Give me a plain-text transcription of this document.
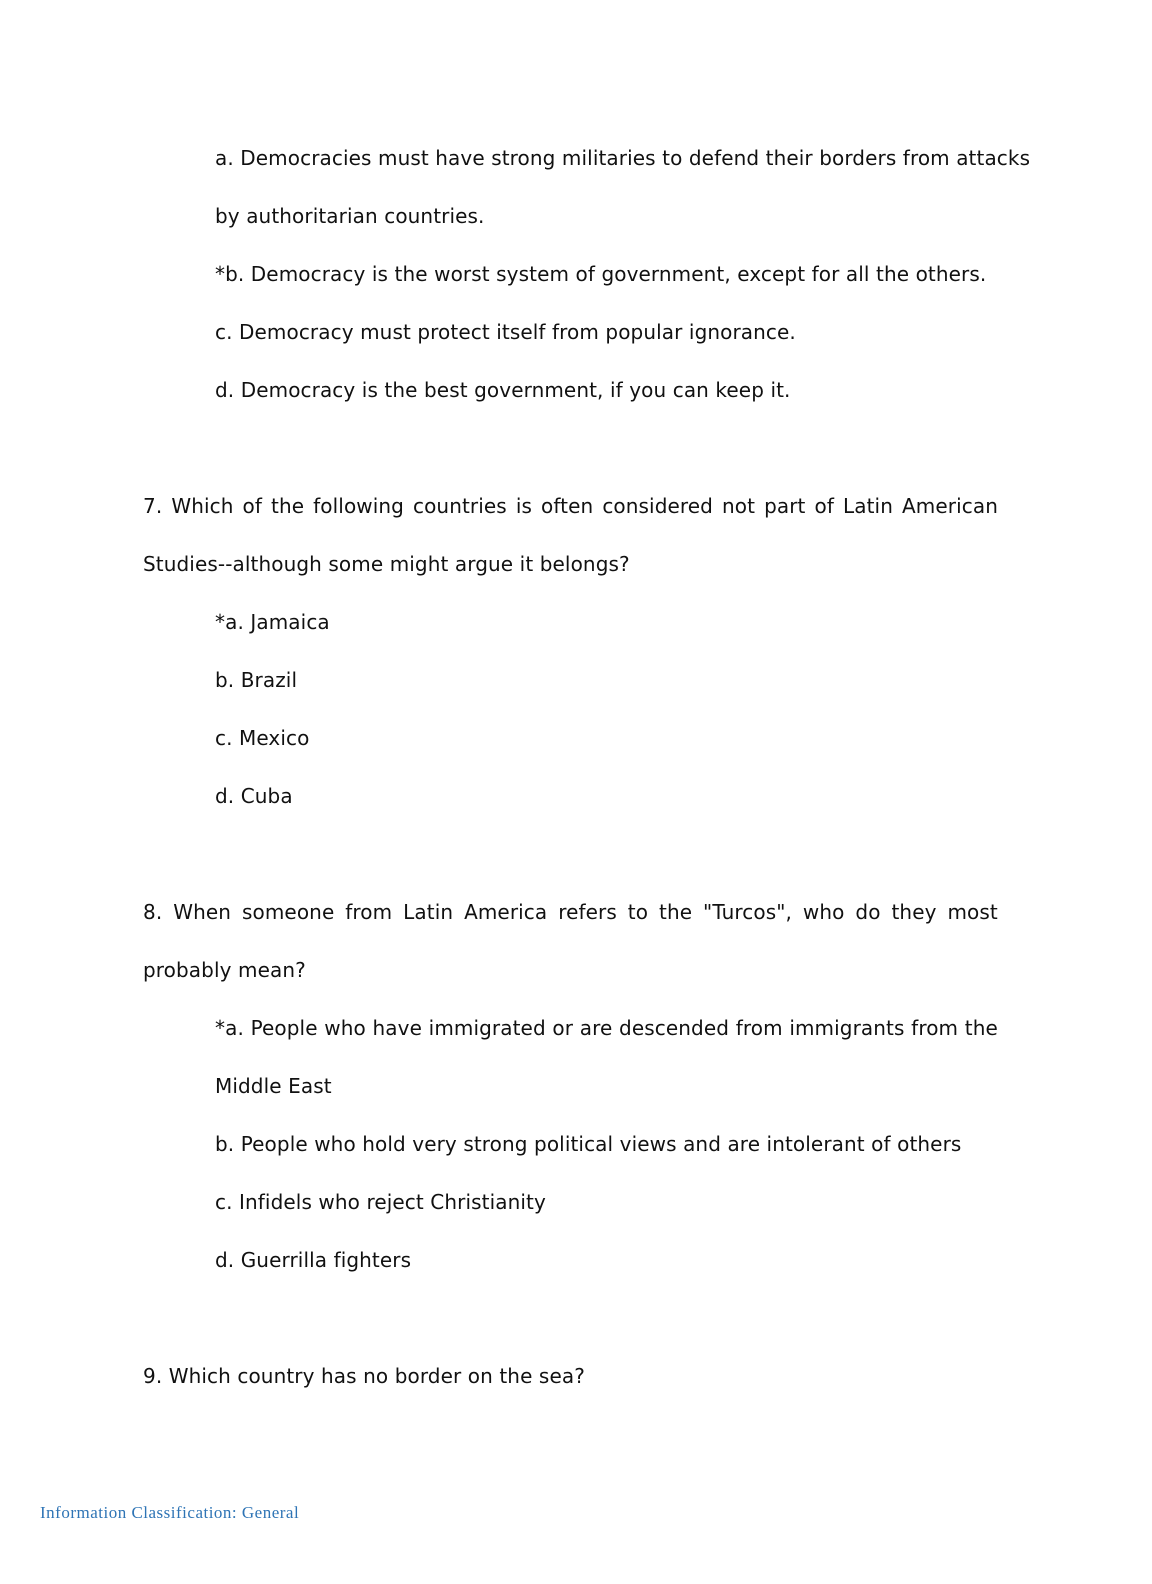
a. Democracies must have strong militaries to defend their borders from attacks
by authoritarian countries.
*b. Democracy is the worst system of government, except for all the others.
c. Democracy must protect itself from popular ignorance.
d. Democracy is the best government, if you can keep it.
7. Which of the following countries is often considered not part of Latin American
Studies--although some might argue it belongs?
*a. Jamaica
b. Brazil
c. Mexico
d. Cuba
8. When someone from Latin America refers to the "Turcos", who do they most
probably mean?
*a. People who have immigrated or are descended from immigrants from the
Middle East
b. People who hold very strong political views and are intolerant of others
c. Infidels who reject Christianity
d. Guerrilla fighters
9. Which country has no border on the sea?
Information Classification: General
